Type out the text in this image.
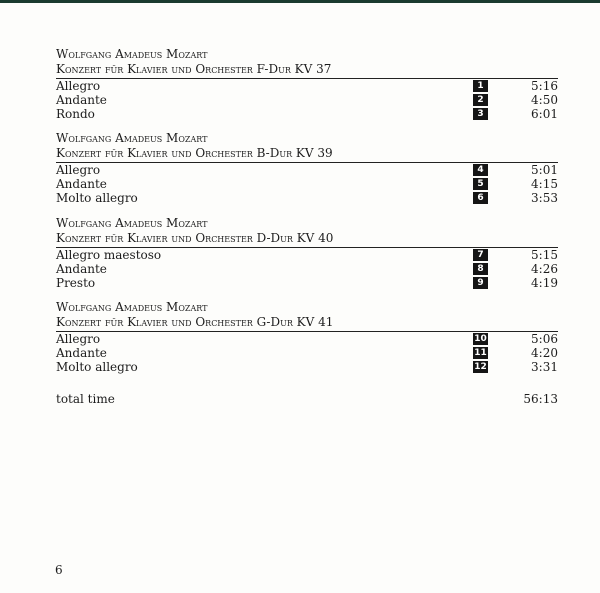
Wolfgang Amadeus Mozart
Konzert für Klavier und Orchester F-Dur KV 37
Allegro	1	5:16
Andante	2	4:50
Rondo	3	6:01
Wolfgang Amadeus Mozart
Konzert für Klavier und Orchester B-Dur KV 39
Allegro	4	5:01
Andante	5	4:15
Molto allegro	6	3:53
Wolfgang Amadeus Mozart
Konzert für Klavier und Orchester D-Dur KV 40
Allegro maestoso	7	5:15
Andante	8	4:26
Presto	9	4:19
Wolfgang Amadeus Mozart
Konzert für Klavier und Orchester G-Dur KV 41
Allegro	10	5:06
Andante	11	4:20
Molto allegro	12	3:31
total time	56:13
6
